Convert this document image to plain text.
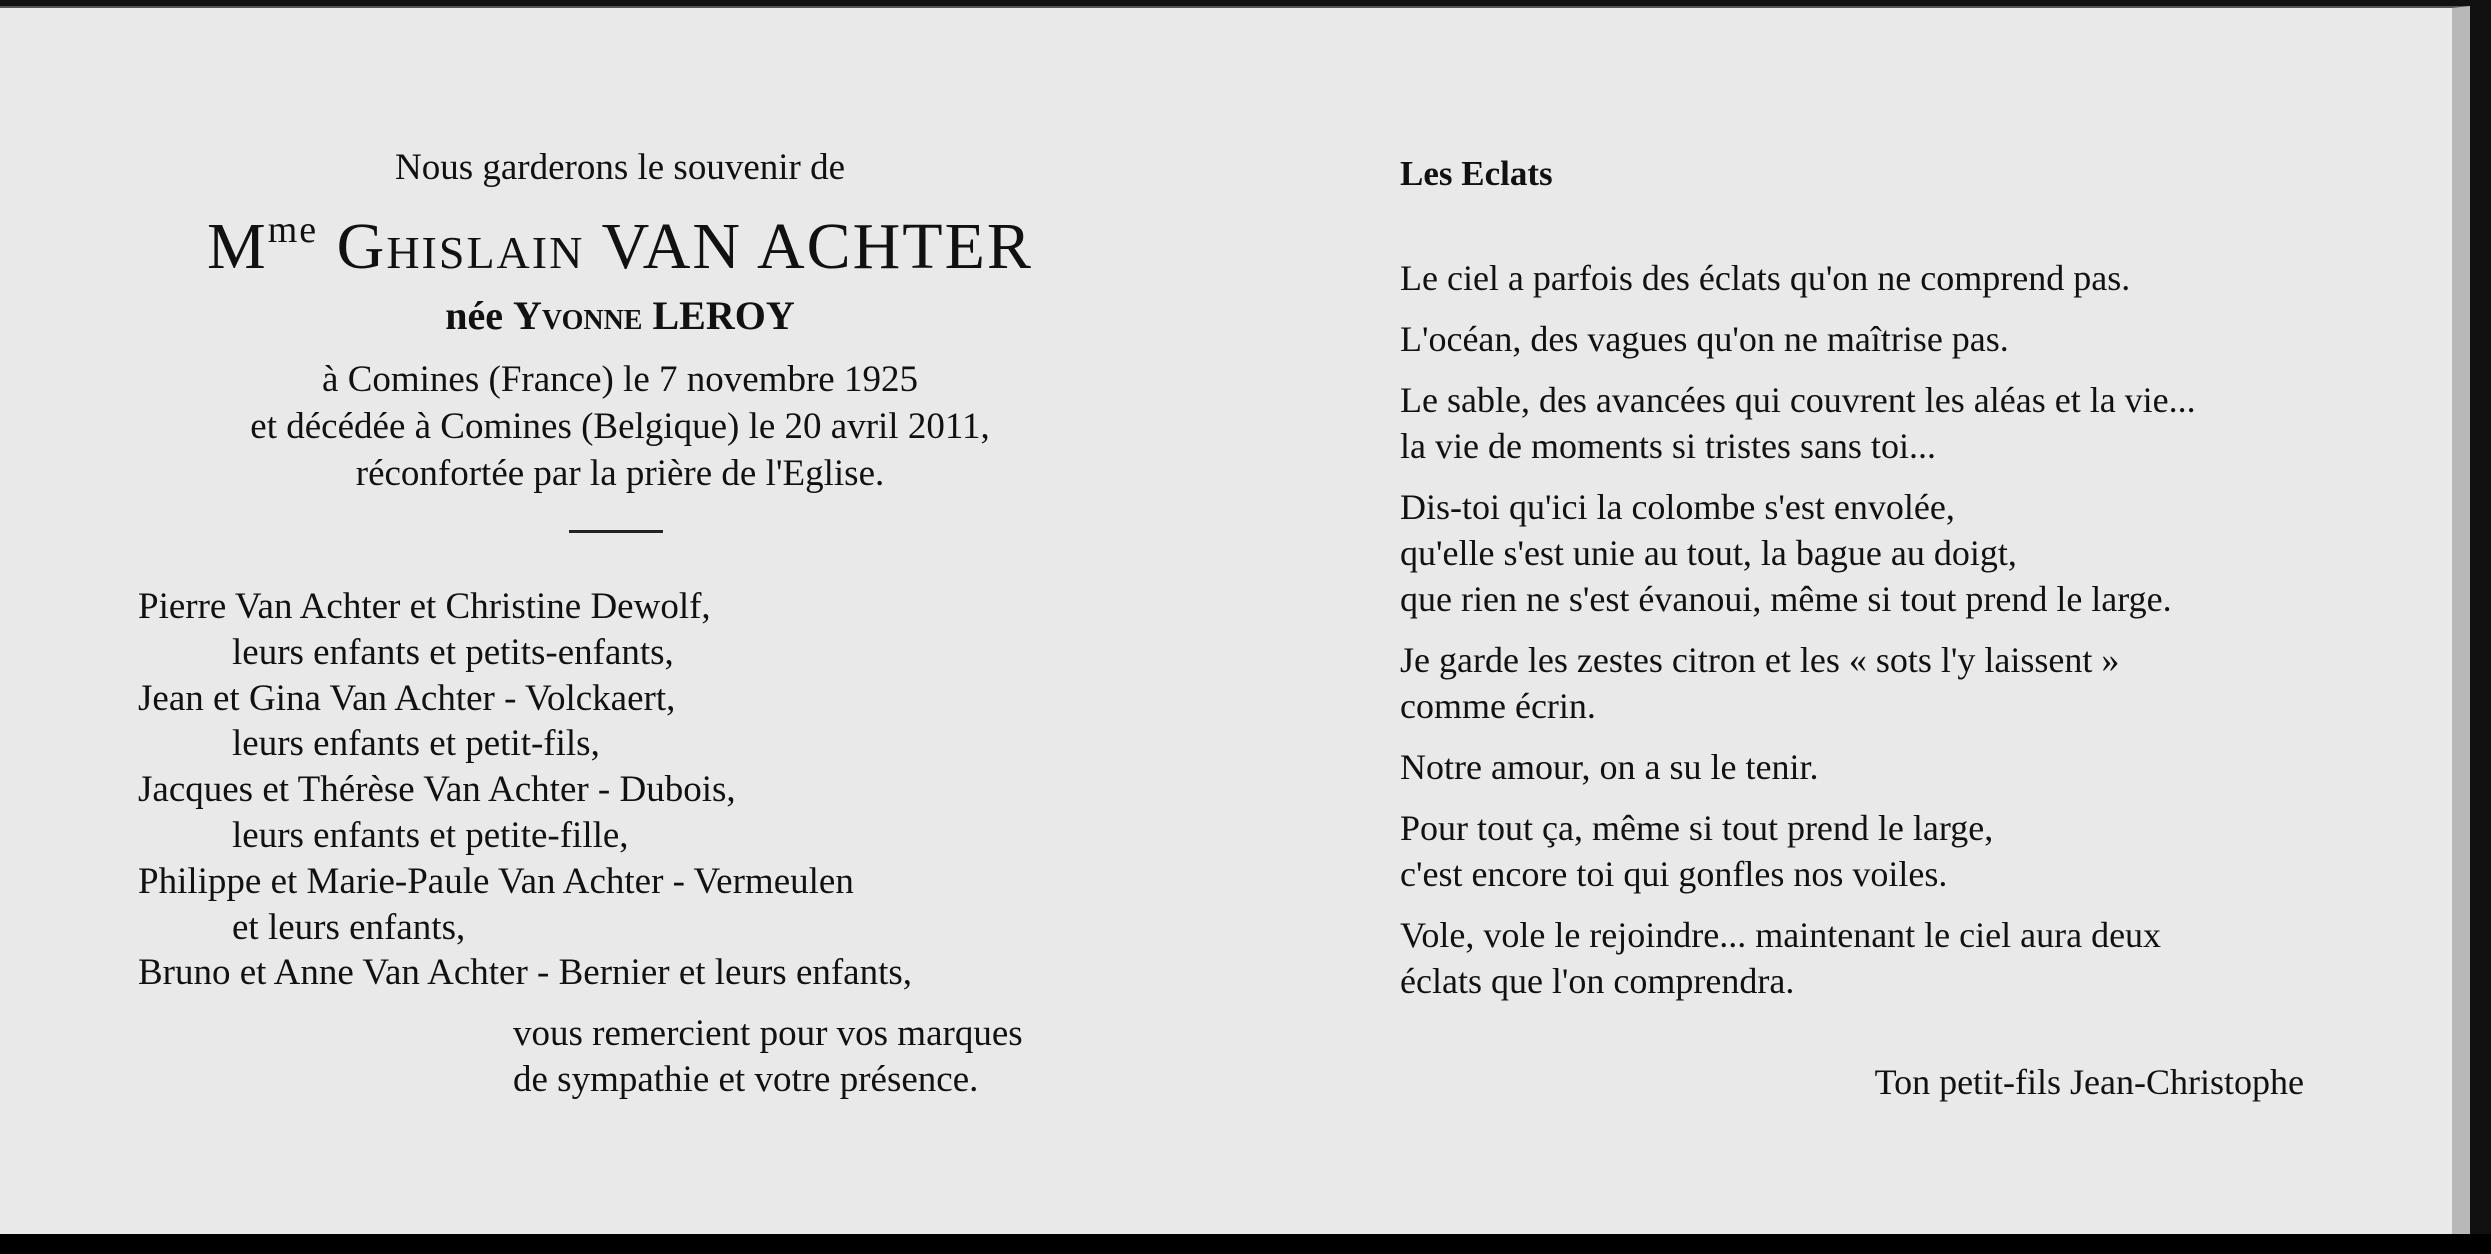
Nous garderons le souvenir de
$M^{me}$ Ghislain VAN ACHTER
née Yvonne LEROY
à Comines (France) le 7 novembre 1925
et décédée à Comines (Belgique) le 20 avril 2011,
réconfortée par la prière de l'Eglise.
Pierre Van Achter et Christine Dewolf,
leurs enfants et petits-enfants,
Jean et Gina Van Achter - Volckaert,
leurs enfants et petit-fils,
Jacques et Thérèse Van Achter - Dubois,
leurs enfants et petite-fille,
Philippe et Marie-Paule Van Achter - Vermeulen
et leurs enfants,
Bruno et Anne Van Achter - Bernier et leurs enfants,
vous remercient pour vos marques
de sympathie et votre présence.
Les Eclats
Le ciel a parfois des éclats qu'on ne comprend pas.
L'océan, des vagues qu'on ne maîtrise pas.
Le sable, des avancées qui couvrent les aléas et la vie...
la vie de moments si tristes sans toi...
Dis-toi qu'ici la colombe s'est envolée,
qu'elle s'est unie au tout, la bague au doigt,
que rien ne s'est évanoui, même si tout prend le large.
Je garde les zestes citron et les « sots l'y laissent »
comme écrin.
Notre amour, on a su le tenir.
Pour tout ça, même si tout prend le large,
c'est encore toi qui gonfles nos voiles.
Vole, vole le rejoindre... maintenant le ciel aura deux
éclats que l'on comprendra.
Ton petit-fils Jean-Christophe
